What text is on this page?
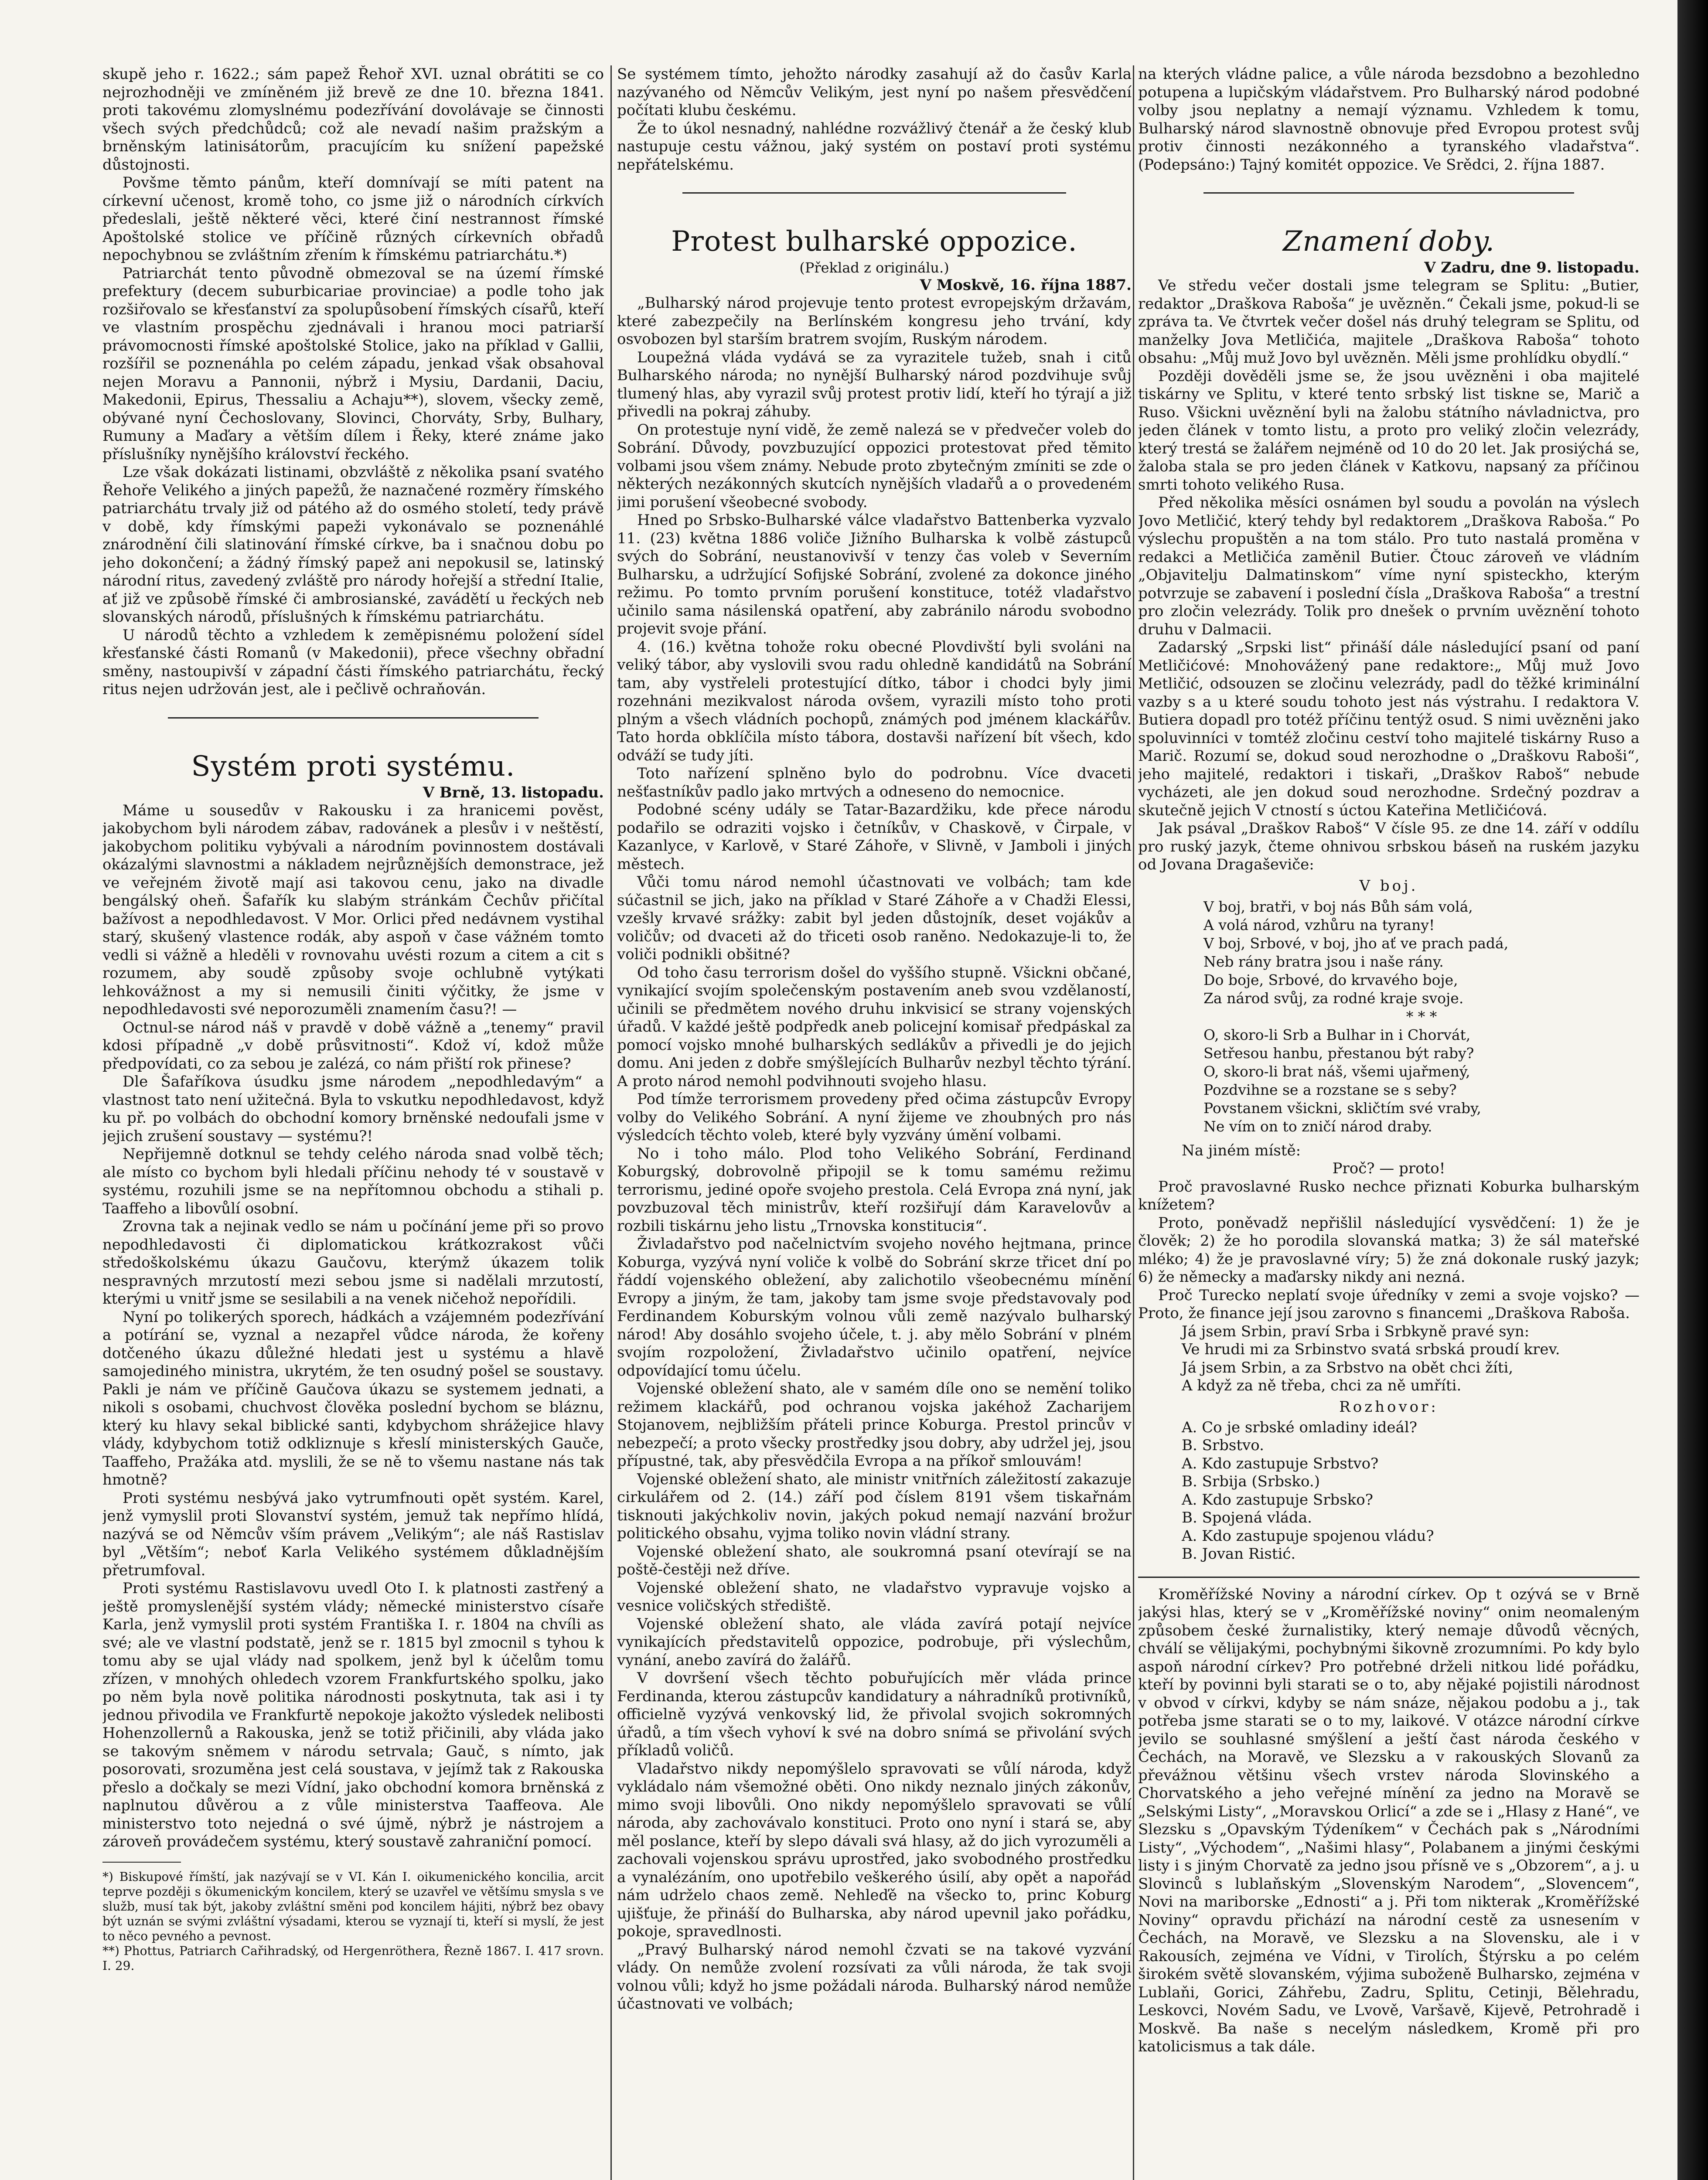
skupě jeho r. 1622.; sám papež Řehoř XVI. uznal obrátiti se co nejrozhodněji ve zmíněném již brevě ze dne 10. března 1841. proti takovému zlomyslnému podezřívání dovolávaje se činnosti všech svých předchůdců; což ale nevadí našim pražským a brněnským latinisátorům, pracujícím ku snížení papežské důstojnosti.

Povšme těmto pánům, kteří domnívají se míti patent na církevní učenost, kromě toho, co jsme již o národních církvích předeslali, ještě některé věci, které činí nestrannost římské Apoštolské stolice ve příčině různých církevních obřadů nepochybnou se zvláštním zřením k římskému patriarchátu.*)

Patriarchát tento původně obmezoval se na území římské prefektury (decem suburbicariae provinciae) a podle toho jak rozšiřovalo se křesťanství za spolupůsobení římských císařů, kteří ve vlastním prospěchu zjednávali i hranou moci patriarší právomocnosti římské apoštolské Stolice, jako na příklad v Gallii, rozšířil se poznenáhla po celém západu, jenkad však obsahoval nejen Moravu a Pannonii, nýbrž i Mysiu, Dardanii, Daciu, Makedonii, Epirus, Thessaliu a Achaju**), slovem, všecky země, obývané nyní Čechoslovany, Slovinci, Chorváty, Srby, Bulhary, Rumuny a Maďary a větším dílem i Řeky, které známe jako příslušníky nynějšího království řeckého.

Lze však dokázati listinami, obzvláště z několika psaní svatého Řehoře Velikého a jiných papežů, že naznačené rozměry římského patriarchátu trvaly již od pátého až do osmého století, tedy právě v době, kdy římskými papeži vykonávalo se poznenáhlé znárodnění čili slatinování římské církve, ba i snačnou dobu po jeho dokončení; a žádný římský papež ani nepokusil se, latinský národní ritus, zavedený zvláště pro národy hořejší a střední Italie, ať již ve způsobě římské či ambrosianské, zavádětí u řeckých neb slovanských národů, příslušných k římskému patriarchátu.

U národů těchto a vzhledem k zeměpisnému položení sídel křesťanské části Romanů (v Makedonii), přece všechny obřadní směny, nastoupivší v západní části římského patriarchátu, řecký ritus nejen udržován jest, ale i pečlivě ochraňován.

Systém proti systému.
V Brně, 13. listopadu.

Máme u sousedův v Rakousku i za hranicemi pověst, jakobychom byli národem zábav, radovánek a plesův i v neštěstí, jakobychom politiku vybývali a národním povinnostem dostávali okázalými slavnostmi a nákladem nejrůznějších demonstrace, jež ve veřejném životě mají asi takovou cenu, jako na divadle bengálský oheň. Šafařík ku slabým stránkám Čechův přičítal bažívost a nepodhledavost. V Mor. Orlici před nedávnem vystihal starý, skušený vlastence rodák, aby aspoň v čase vážném tomto vedli si vážně a hleděli v rovnovahu uvésti rozum a citem a cit s rozumem, aby soudě způsoby svoje ochlubně vytýkati lehkovážnost a my si nemusili činiti výčitky, že jsme v nepodhledavosti své neporozuměli znamením času?! —

Octnul-se národ náš v pravdě v době vážně a „tenemy“ pravil kdosi případně „v době průsvitnosti“. Kdož ví, kdož může předpovídati, co za sebou je zalézá, co nám přiští rok přinese?

Dle Šafaříkova úsudku jsme národem „nepodhledavým“ a vlastnost tato není užitečná. Byla to vskutku nepodhledavost, když ku př. po volbách do obchodní komory brněnské nedoufali jsme v jejich zrušení soustavy — systému?!

Nepřijemně dotknul se tehdy celého národa snad volbě těch; ale místo co bychom byli hledali příčinu nehody té v soustavě v systému, rozuhili jsme se na nepřítomnou obchodu a stihali p. Taaffeho a libovůlí osobní.

Zrovna tak a nejinak vedlo se nám u počínání jeme při so provo nepodhledavosti či diplomatickou krátkozrakost vůči středoškolskému úkazu Gaučovu, kterýmž úkazem tolik nespravných mrzutostí mezi sebou jsme si nadělali mrzutostí, kterými u vnitř jsme se sesilabili a na venek ničehož nepořídili.

Nyní po tolikerých sporech, hádkách a vzájemném podezřívání a potírání se, vyznal a nezapřel vůdce národa, že kořeny dotčeného úkazu důležné hledati jest u systému a hlavě samojediného ministra, ukrytém, že ten osudný pošel se soustavy. Pakli je nám ve příčině Gaučova úkazu se systemem jednati, a nikoli s osobami, chuchvost člověka poslední bychom se bláznu, který ku hlavy sekal biblické santi, kdybychom shrážejice hlavy vlády, kdybychom totiž odkliznuje s křeslí ministerských Gauče, Taaffeho, Pražáka atd. myslili, že se ně to všemu nastane nás tak hmotně?

Proti systému nesbývá jako vytrumfnouti opět systém. Karel, jenž vymyslil proti Slovanství systém, jemuž tak nepřímo hlídá, nazývá se od Němcův vším právem „Velikým“; ale náš Rastislav byl „Větším“; neboť Karla Velikého systémem důkladnějším přetrumfoval.

Proti systému Rastislavovu uvedl Oto I. k platnosti zastřený a ještě promyslenější systém vlády; německé ministerstvo císaře Karla, jenž vymyslil proti systém Františka I. r. 1804 na chvíli as své; ale ve vlastní podstatě, jenž se r. 1815 byl zmocnil s tyhou k tomu aby se ujal vlády nad spolkem, jenž byl k účelům tomu zřízen, v mnohých ohledech vzorem Frankfurtského spolku, jako po něm byla nově politika národnosti poskytnuta, tak asi i ty jednou přivodila ve Frankfurtě nepokoje jakožto výsledek nelibosti Hohenzollernů a Rakouska, jenž se totiž přičinili, aby vláda jako se takovým sněmem v národu setrvala; Gauč, s nímto, jak posorovati, srozuměna jest celá soustava, v jejímž tak z Rakouska přeslo a dočkaly se mezi Vídní, jako obchodní komora brněnská z naplnutou důvěrou a z vůle ministerstva Taaffeova. Ale ministerstvo toto nejedná o své újmě, nýbrž je nástrojem a zároveň provádečem systému, který soustavě zahraniční pomocí.

*) Biskupové římští, jak nazývají se v VI. Kán I. oikumenického koncilia, arcit teprve později s ökumenickým koncilem, který se uzavřel ve většímu smysla s ve služb, musí tak být, jakoby zvláštní směni pod koncilem hájiti, nýbrž bez obavy být uznán se svými zvláštní výsadami, kterou se vyznají ti, kteří si myslí, že jest to něco pevného a pevnost.

**) Phottus, Patriarch Cařihradský, od Hergenröthera, Řezně 1867. I. 417 srovn. I. 29.

Se systémem tímto, jehožto národky zasahují až do časův Karla nazývaného od Němcův Velikým, jest nyní po našem přesvědčení počítati klubu českému.

Že to úkol nesnadný, nahlédne rozvážlivý čtenář a že český klub nastupuje cestu vážnou, jaký systém on postaví proti systému nepřátelskému.

Protest bulharské oppozice.
(Překlad z originálu.)
V Moskvě, 16. října 1887.

„Bulharský národ projevuje tento protest evropejským državám, které zabezpečily na Berlínském kongresu jeho trvání, kdy osvobozen byl starším bratrem svojím, Ruským národem.

Loupežná vláda vydává se za vyrazitele tužeb, snah i citů Bulharského národa; no nynější Bulharský národ pozdvihuje svůj tlumený hlas, aby vyrazil svůj protest protiv lidí, kteří ho týrají a již přivedli na pokraj záhuby.

On protestuje nyní vidě, že země nalezá se v předvečer voleb do Sobrání. Důvody, povzbuzující oppozici protestovat před těmito volbami jsou všem známy. Nebude proto zbytečným zmíniti se zde o některých nezákonných skutcích nynějších vladařů a o provedeném jimi porušení všeobecné svobody.

Hned po Srbsko-Bulharské válce vladařstvo Battenberka vyzvalo 11. (23) května 1886 voliče Jižního Bulharska k volbě zástupců svých do Sobrání, neustanovivší v tenzy čas voleb v Severním Bulharsku, a udržující Sofijské Sobrání, zvolené za dokonce jiného režimu. Po tomto prvním porušení konstituce, totéž vladařstvo učinilo sama násilenská opatření, aby zabránilo národu svobodno projevit svoje přání.

4. (16.) května tohože roku obecné Plovdivští byli svoláni na veliký tábor, aby vyslovili svou radu ohledně kandidátů na Sobrání tam, aby vystřeleli protestující dítko, tábor i chodci byly jimi rozehnáni mezikvalost národa ovšem, vyrazili místo toho proti plným a všech vládních pochopů, známých pod jménem klackářův. Tato horda obklíčila místo tábora, dostavši nařízení bít všech, kdo odváží se tudy jíti.

Toto nařízení splněno bylo do podrobnu. Více dvaceti nešťastníkův padlo jako mrtvých a odneseno do nemocnice.

Podobné scény udály se Tatar-Bazardžiku, kde přece národu podařilo se odraziti vojsko i četníkův, v Chaskově, v Čirpale, v Kazanlyce, v Karlově, v Staré Záhoře, v Slivně, v Jamboli i jiných městech.

Vůči tomu národ nemohl účastnovati ve volbách; tam kde súčastnil se jich, jako na příklad v Staré Záhoře a v Chadži Elessi, vzešly krvavé srážky: zabit byl jeden důstojník, deset vojákův a voličův; od dvaceti až do třiceti osob raněno. Nedokazuje-li to, že voliči podnikli obšitné?

Od toho času terrorism došel do vyššího stupně. Všickni občané, vynikající svojím společenským postavením aneb svou vzdělaností, učinili se předmětem nového druhu inkvisicí se strany vojenských úřadů. V každé ještě podpředk aneb policejní komisař předpáskal za pomocí vojsko mnohé bulharských sedlákův a přivedli je do jejich domu. Ani jeden z dobře smýšlejících Bulharův nezbyl těchto týrání. A proto národ nemohl podvihnouti svojeho hlasu.

Pod tímže terrorismem provedeny před očima zástupcův Evropy volby do Velikého Sobrání. A nyní žijeme ve zhoubných pro nás výsledcích těchto voleb, které byly vyzvány úmění volbami.

No i toho málo. Plod toho Velikého Sobrání, Ferdinand Koburgský, dobrovolně připojil se k tomu samému režimu terrorismu, jediné opoře svojeho prestola. Celá Evropa zná nyní, jak povzbuzoval těch ministrův, kteří rozšiřují dám Karavelovův a rozbili tiskárnu jeho listu „Trnovska konstituciя“.

Živladařstvo pod načelnictvím svojeho nového hejtmana, prince Koburga, vyzývá nyní voliče k volbě do Sobrání skrze třicet dní po řáddí vojenského obležení, aby zalichotilo všeobecnému mínění Evropy a jiným, že tam, jakoby tam jsme svoje představovaly pod Ferdinandem Koburským volnou vůli země nazývalo bulharský národ! Aby dosáhlo svojeho účele, t. j. aby mělo Sobrání v plném svojím rozpoložení, Živladařstvo učinilo opatření, nejvíce odpovídající tomu účelu.

Vojenské obležení shato, ale v samém díle ono se nemění toliko režimem klackářů, pod ochranou vojska jakéhož Zacharijem Stojanovem, nejbližším přáteli prince Koburga. Prestol princův v nebezpečí; a proto všecky prostředky jsou dobry, aby udržel jej, jsou přípustné, tak, aby přesvědčila Evropa a na příkoř smlouvám!

Vojenské obležení shato, ale ministr vnitřních záležitostí zakazuje cirkulářem od 2. (14.) září pod číslem 8191 všem tiskařnám tisknouti jakýchkoliv novin, jakých pokud nemají nazvání brožur politického obsahu, vyjma toliko novin vládní strany.

Vojenské obležení shato, ale soukromná psaní otevírají se na poště-čestěji než dříve.

Vojenské obležení shato, ne vladařstvo vypravuje vojsko a vesnice voličských střediště.

Vojenské obležení shato, ale vláda zavírá potají nejvíce vynikajících představitelů oppozice, podrobuje, při výslechům, vynání, anebo zavírá do žalářů.

V dovršení všech těchto pobuřujících měr vláda prince Ferdinanda, kterou zástupcův kandidatury a náhradníků protivníků, officielně vyzývá venkovský lid, že přivolal svojich sokromných úřadů, a tím všech vyhoví k své na dobro snímá se přivolání svých příkladů voličů.

Vladařstvo nikdy nepomýšlelo spravovati se vůlí národa, když vykládalo nám všemožné oběti. Ono nikdy neznalo jiných zákonův, mimo svoji libovůli. Ono nikdy nepomýšlelo spravovati se vůlí národa, aby zachovávalo konstituci. Proto ono nyní i stará se, aby měl poslance, kteří by slepo dávali svá hlasy, až do jich vyrozuměli a zachovali vojenskou správu uprostřed, jako svobodného prostředku a vynalézáním, ono upotřebilo veškerého úsilí, aby opět a napořád nám udrželo chaos země. Nehleďě na všecko to, princ Koburg ujišťuje, že přináší do Bulharska, aby národ upevnil jako pořádku, pokoje, spravedlnosti.

„Pravý Bulharský národ nemohl čzvati se na takové vyzvání vlády. On nemůže zvolení rozsívati za vůli národa, že tak svoji volnou vůli; když ho jsme požádali národa. Bulharský národ nemůže účastnovati ve volbách;

na kterých vládne palice, a vůle národa bezsdobno a bezohledno potupena a lupičským vládařstvem. Pro Bulharský národ podobné volby jsou neplatny a nemají významu. Vzhledem k tomu, Bulharský národ slavnostně obnovuje před Evropou protest svůj protiv činnosti nezákonného a tyranského vladařstva“. (Podepsáno:) Tajný komitét oppozice. Ve Srědci, 2. října 1887.

Znamení doby.
V Zadru, dne 9. listopadu.

Ve středu večer dostali jsme telegram se Splitu: „Butier, redaktor „Draškova Raboša“ je uvězněn.“ Čekali jsme, pokud-li se zpráva ta. Ve čtvrtek večer došel nás druhý telegram se Splitu, od manželky Jova Metličića, majitele „Draškova Raboša“ tohoto obsahu: „Můj muž Jovo byl uvězněn. Měli jsme prohlídku obydlí.“

Později dověděli jsme se, že jsou uvězněni i oba majitelé tiskárny ve Splitu, v které tento srbský list tiskne se, Marič a Ruso. Všickni uvěznění byli na žalobu státního návladnictva, pro jeden článek v tomto listu, a proto pro veliký zločin velezrády, který trestá se žalářem nejméně od 10 do 20 let. Jak prosiýchá se, žaloba stala se pro jeden článek v Katkovu, napsaný za příčinou smrti tohoto velikého Rusa.

Před několika měsíci osnámen byl soudu a povolán na výslech Jovo Metličić, který tehdy byl redaktorem „Draškova Raboša.“ Po výslechu propuštěn a na tom stálo. Pro tuto nastalá proměna v redakci a Metličića zaměnil Butier. Čtouc zároveň ve vládním „Objavitelju Dalmatinskom“ víme nyní spisteckho, kterým potvrzuje se zabavení i poslední čísla „Draškova Raboša“ a trestní pro zločin velezrády. Tolik pro dnešek o prvním uvěznění tohoto druhu v Dalmacii.

Zadarský „Srpski list“ přináší dále následující psaní od paní Metličićové: Mnohovážený pane redaktore:„ Můj muž Jovo Metličić, odsouzen se zločinu velezrády, padl do těžké kriminální vazby s a u které soudu tohoto jest nás výstrahu. I redaktora V. Butiera dopadl pro totéž příčinu tentýž osud. S nimi uvězněni jako spoluvinníci v tomtéž zločinu ceství toho majitelé tiskárny Ruso a Marič. Rozumí se, dokud soud nerozhodne o „Draškovu Raboši“, jeho majitelé, redaktori i tiskaři, „Draškov Raboš“ nebude vycházeti, ale jen dokud soud nerozhodne. Srdečný pozdrav a skutečně jejich V ctností s úctou Kateřina Metličićová.

Jak psával „Draškov Raboš“ V čísle 95. ze dne 14. září v oddílu pro ruský jazyk, čteme ohnivou srbskou báseň na ruském jazyku od Jovana Dragaševiče:

V boj.
V boj, bratři, v boj nás Bůh sám volá,
A volá národ, vzhůru na tyrany!
V boj, Srbové, v boj, jho ať ve prach padá,
Neb rány bratra jsou i naše rány.
Do boje, Srbové, do krvavého boje,
Za národ svůj, za rodné kraje svoje.
* * *
O, skoro-li Srb a Bulhar in i Chorvát,
Setřesou hanbu, přestanou být raby?
O, skoro-li brat náš, všemi ujařmený,
Pozdvihne se a rozstane se s seby?
Povstanem všickni, skličtím své vraby,
Ne vím on to zničí národ draby.

Na jiném místě:

Proč? — proto!

Proč pravoslavné Rusko nechce přiznati Koburka bulharským knížetem?

Proto, poněvadž nepřišlil následující vysvědčení: 1) že je člověk; 2) že ho porodila slovanská matka; 3) že sál mateřské mléko; 4) že je pravoslavné víry; 5) že zná dokonale ruský jazyk; 6) že německy a maďarsky nikdy ani nezná.

Proč Turecko neplatí svoje úředníky v zemi a svoje vojsko? — Proto, že finance její jsou zarovno s financemi „Draškova Raboša.

Já jsem Srbin, praví Srba i Srbkyně pravé syn:
Ve hrudi mi za Srbinstvo svatá srbská proudí krev.
Já jsem Srbin, a za Srbstvo na obět chci žíti,
A když za ně třeba, chci za ně umříti.
Rozhovor:
A. Co je srbské omladiny ideál?
B. Srbstvo.
A. Kdo zastupuje Srbstvo?
B. Srbija (Srbsko.)
A. Kdo zastupuje Srbsko?
B. Spojená vláda.
A. Kdo zastupuje spojenou vládu?
B. Jovan Ristić.

Kroměřížské Noviny a národní církev. Op t ozývá se v Brně jakýsi hlas, který se v „Kroměřížské noviny“ onim neomaleným způsobem české žurnalistiky, který nemaje důvodů věcných, chválí se vělijakými, pochybnými šikovně zrozumními. Po kdy bylo aspoň národní církev? Pro potřebné drželi nitkou lidé pořádku, kteří by povinni byli starati se o to, aby nějaké pojistili národnost v obvod v církvi, kdyby se nám snáze, nějakou podobu a j., tak potřeba jsme starati se o to my, laikové. V otázce národní církve jevilo se souhlasné smýšlení a ještí čast národa českého v Čechách, na Moravě, ve Slezsku a v rakouských Slovanů za převážnou většinu všech vrstev národa Slovinského a Chorvatského a jeho veřejné mínění za jedno na Moravě se „Selskými Listy“, „Moravskou Orlicí“ a zde se i „Hlasy z Hané“, ve Slezsku s „Opavským Týdeníkem“ v Čechách pak s „Národními Listy“, „Východem“, „Našimi hlasy“, Polabanem a jinými českými listy i s jiným Chorvatě za jedno jsou přísně ve s „Obzorem“, a j. u Slovinců s lublaňským „Slovenským Narodem“, „Slovencem“, Novi na mariborske „Ednosti“ a j. Při tom nikterak „Kroměřížské Noviny“ opravdu přichází na národní cestě za usnesením v Čechách, na Moravě, ve Slezsku a na Slovensku, ale i v Rakousích, zejména ve Vídni, v Tirolích, Štýrsku a po celém širokém světě slovanském, výjima suboženě Bulharsko, zejména v Lublaňi, Gorici, Záhřebu, Zadru, Splitu, Cetinji, Bělehradu, Leskovci, Novém Sadu, ve Lvově, Varšavě, Kijevě, Petrohradě i Moskvě. Ba naše s necelým následkem, Kromě při pro katolicismus a tak dále.
